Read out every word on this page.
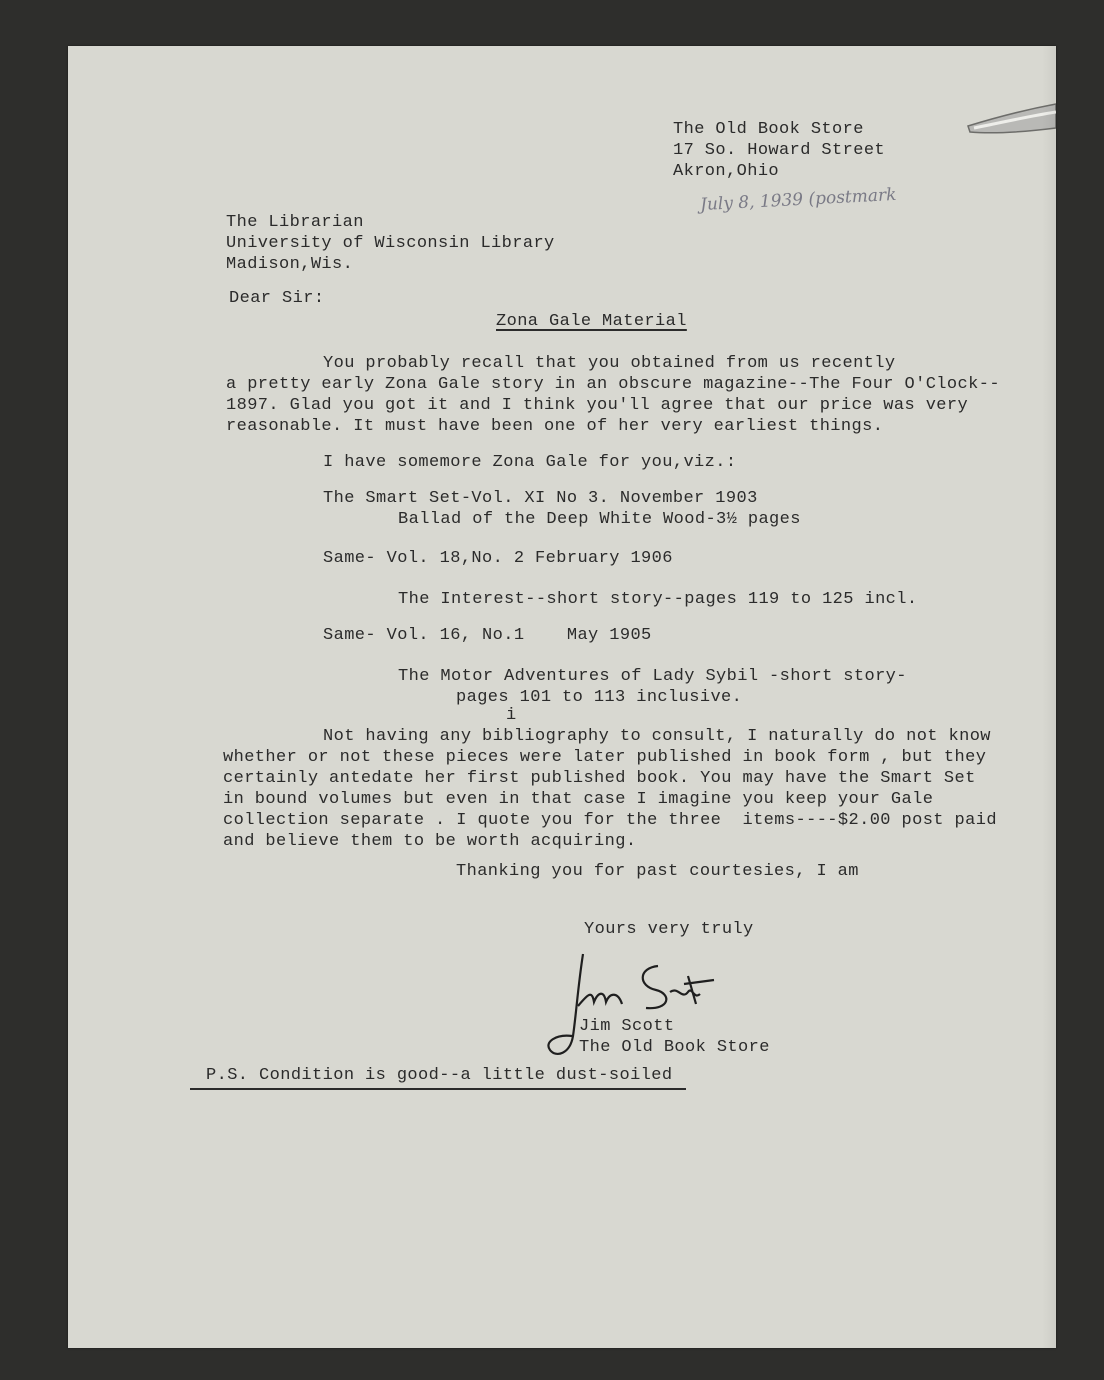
The Old Book Store
17 So. Howard Street
Akron,Ohio
July 8, 1939 (postmark
The Librarian
University of Wisconsin Library
Madison,Wis.
Dear Sir:
Zona Gale Material
You probably recall that you obtained from us recently
a pretty early Zona Gale story in an obscure magazine--The Four O'Clock--
1897. Glad you got it and I think you'll agree that our price was very
reasonable. It must have been one of her very earliest things.
I have somemore Zona Gale for you,viz.:
The Smart Set-Vol. XI No 3. November 1903
Ballad of the Deep White Wood-3½ pages
Same- Vol. 18,No. 2 February 1906
The Interest--short story--pages 119 to 125 incl.
Same- Vol. 16, No.1    May 1905
The Motor Adventures of Lady Sybil -short story-
pages 101 to 113 inclusive.
i
Not having any bibliography to consult, I naturally do not know
whether or not these pieces were later published in book form , but they
certainly antedate her first published book. You may have the Smart Set
in bound volumes but even in that case I imagine you keep your Gale
collection separate . I quote you for the three  items----$2.00 post paid
and believe them to be worth acquiring.
Thanking you for past courtesies, I am
Yours very truly
Jim Scott
The Old Book Store
P.S. Condition is good--a little dust-soiled
